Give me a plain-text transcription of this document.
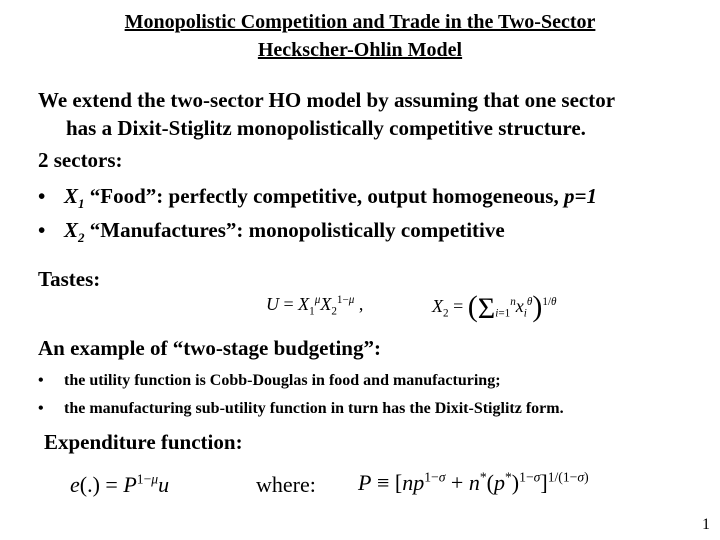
Monopolistic Competition and Trade in the Two-Sector
Heckscher-Ohlin Model
We extend the two-sector HO model by assuming that one sector
has a Dixit-Stiglitz monopolistically competitive structure.
2 sectors:
• $X_1$ “Food”: perfectly competitive, output homogeneous, p=1
• $X_2$ “Manufactures”: monopolistically competitive
Tastes:
$U = X_1^\mu X_2^{1-\mu}$ ,	$X_2 = (\Sigma_{i=1}^nx_i^\theta)^{1/\theta}$
An example of “two-stage budgeting”:
• the utility function is Cobb-Douglas in food and manufacturing;
• the manufacturing sub-utility function in turn has the Dixit-Stiglitz form.
Expenditure function:
$e(.) = P^{1-\mu}u$	where: $P \equiv [np^{1-\sigma} + n^*(p^*)^{1-\sigma}]^{1/(1-\sigma)}$
1
